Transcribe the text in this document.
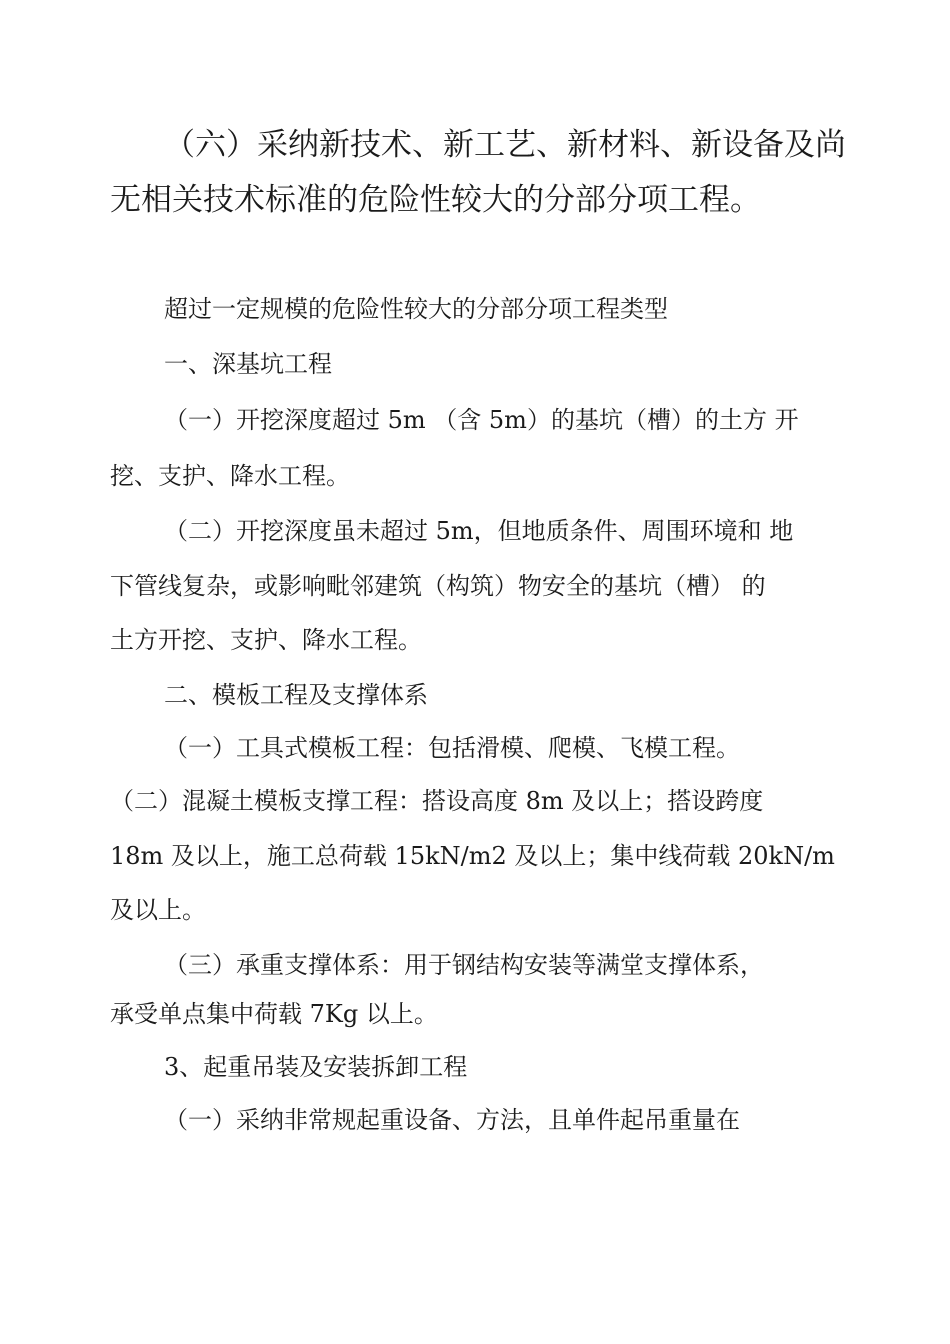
（六）采纳新技术、新工艺、新材料、新设备及尚
无相关技术标准的危险性较大的分部分项工程。
超过一定规模的危险性较大的分部分项工程类型
一、深基坑工程
（一）开挖深度超过 5m （含 5m）的基坑（槽）的土方 开
挖、支护、降水工程。
（二）开挖深度虽未超过 5m，但地质条件、周围环境和 地
下管线复杂，或影响毗邻建筑（构筑）物安全的基坑（槽） 的
土方开挖、支护、降水工程。
二、模板工程及支撑体系
（一）工具式模板工程：包括滑模、爬模、飞模工程。
（二）混凝土模板支撑工程：搭设高度 8m 及以上；搭设跨度
18m 及以上，施工总荷载 15kN/m2 及以上；集中线荷载 20kN/m
及以上。
（三）承重支撑体系：用于钢结构安装等满堂支撑体系，
承受单点集中荷载 7Kg 以上。
3、起重吊装及安装拆卸工程
（一）采纳非常规起重设备、方法，且单件起吊重量在
